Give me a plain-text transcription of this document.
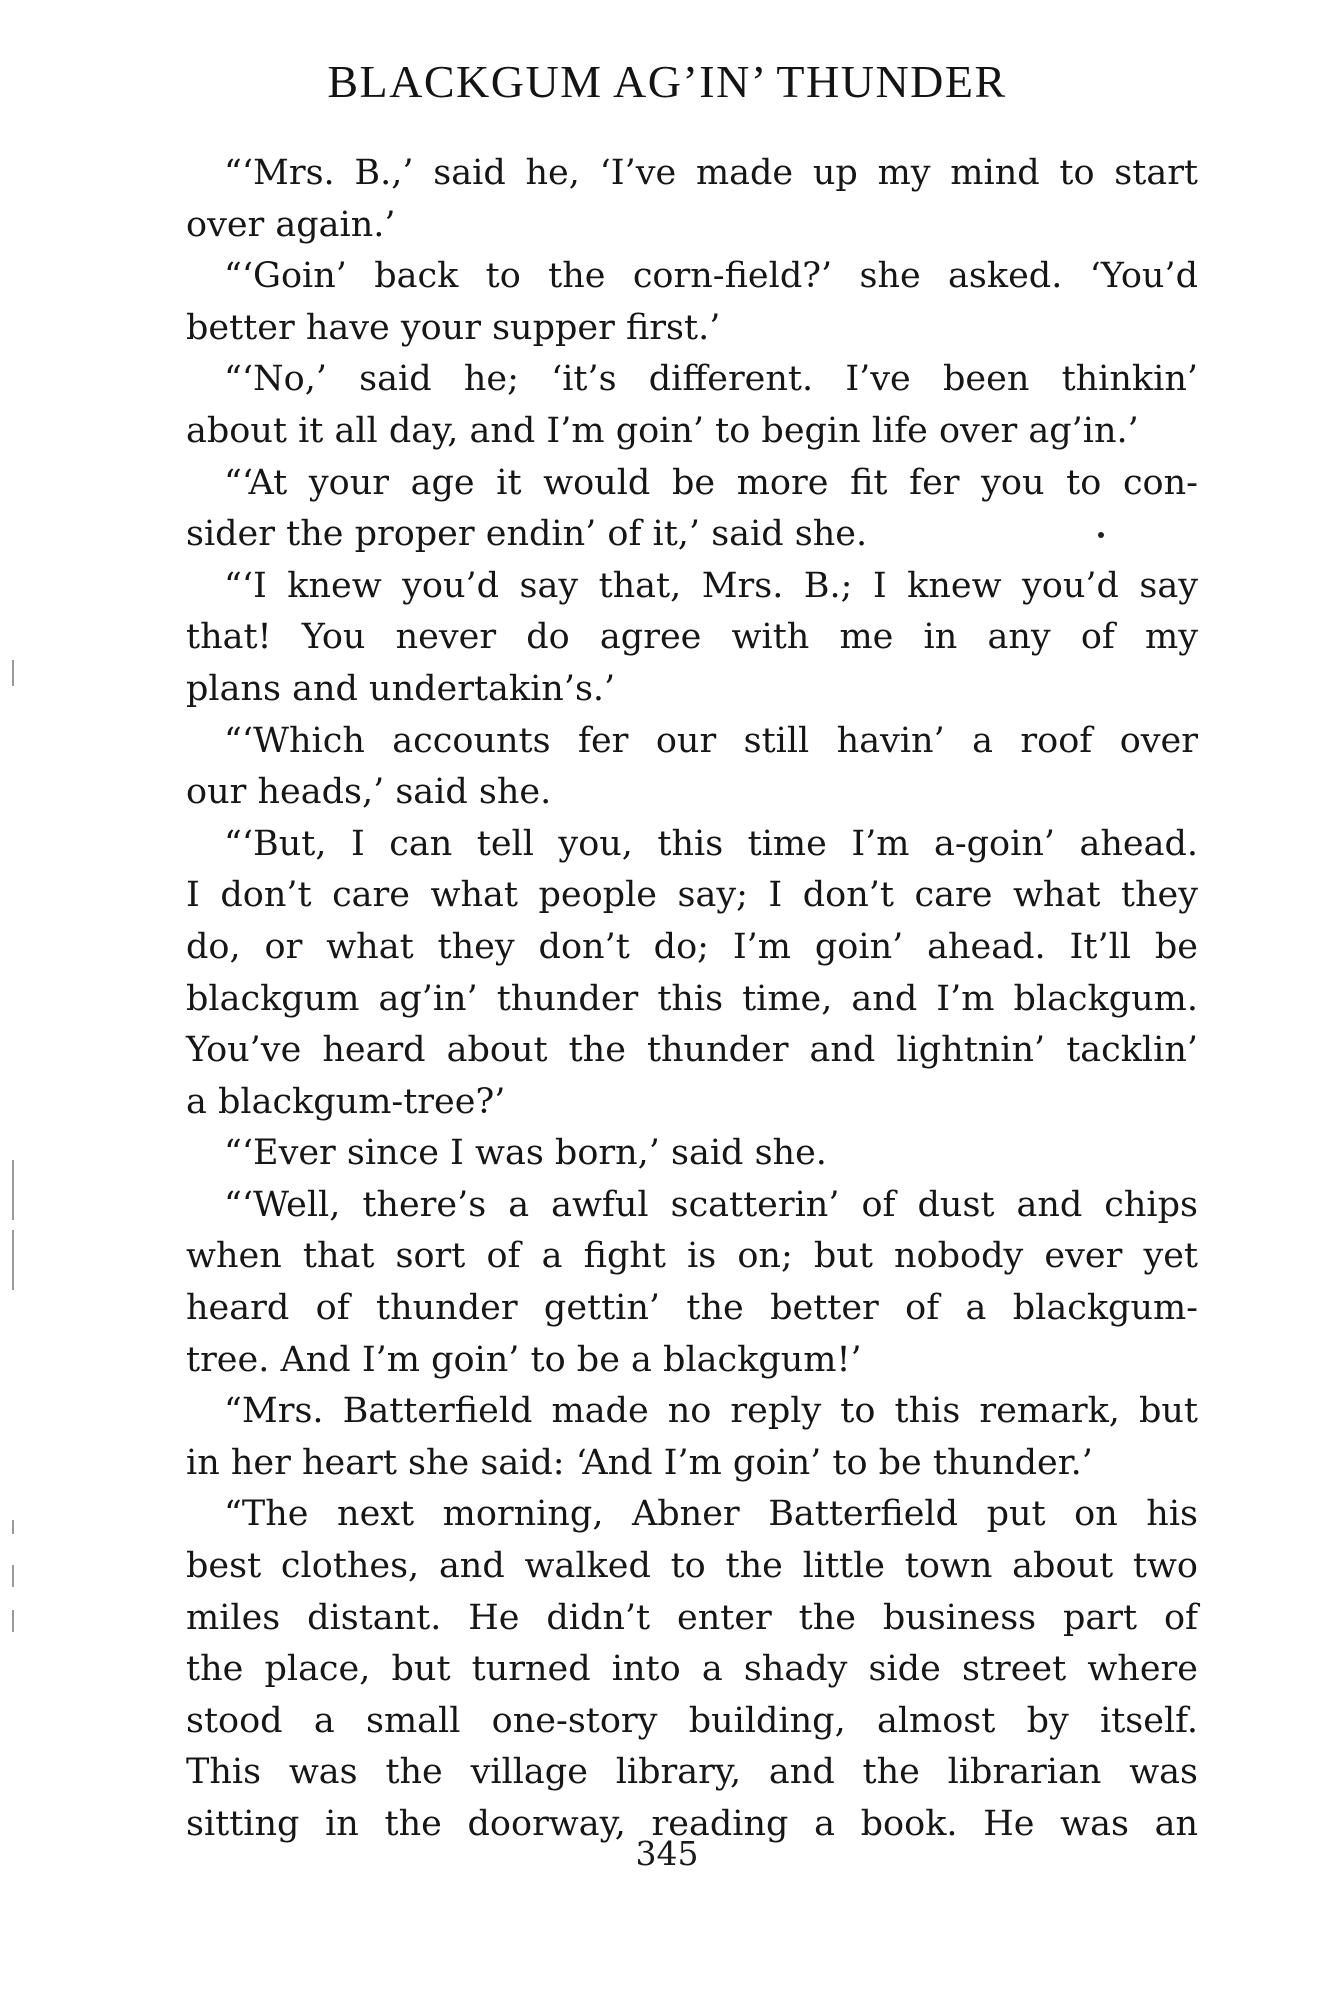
BLACKGUM AG’IN’ THUNDER
“‘Mrs. B.,’ said he, ‘I’ve made up my mind to start
over again.’
“‘Goin’ back to the corn-field?’ she asked. ‘You’d
better have your supper first.’
“‘No,’ said he; ‘it’s different. I’ve been thinkin’
about it all day, and I’m goin’ to begin life over ag’in.’
“‘At your age it would be more fit fer you to con-
sider the proper endin’ of it,’ said she.
“‘I knew you’d say that, Mrs. B.; I knew you’d say
that! You never do agree with me in any of my
plans and undertakin’s.’
“‘Which accounts fer our still havin’ a roof over
our heads,’ said she.
“‘But, I can tell you, this time I’m a-goin’ ahead.
I don’t care what people say; I don’t care what they
do, or what they don’t do; I’m goin’ ahead. It’ll be
blackgum ag’in’ thunder this time, and I’m blackgum.
You’ve heard about the thunder and lightnin’ tacklin’
a blackgum-tree?’
“‘Ever since I was born,’ said she.
“‘Well, there’s a awful scatterin’ of dust and chips
when that sort of a fight is on; but nobody ever yet
heard of thunder gettin’ the better of a blackgum-
tree. And I’m goin’ to be a blackgum!’
“Mrs. Batterfield made no reply to this remark, but
in her heart she said: ‘And I’m goin’ to be thunder.’
“The next morning, Abner Batterfield put on his
best clothes, and walked to the little town about two
miles distant. He didn’t enter the business part of
the place, but turned into a shady side street where
stood a small one-story building, almost by itself.
This was the village library, and the librarian was
sitting in the doorway, reading a book. He was an
345
